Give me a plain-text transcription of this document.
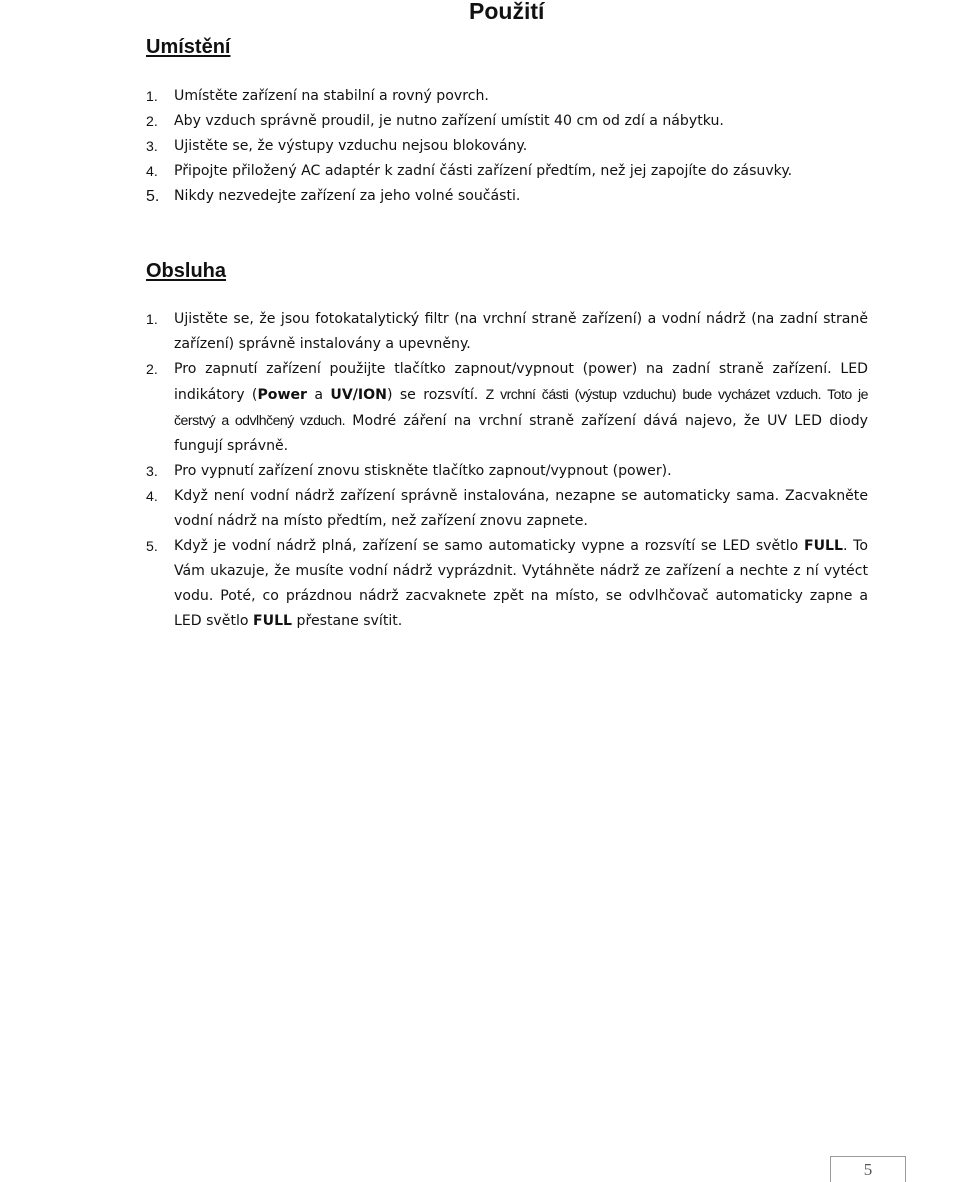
Použití
Umístění
1. Umístěte zařízení na stabilní a rovný povrch.
2. Aby vzduch správně proudil, je nutno zařízení umístit 40 cm od zdí a nábytku.
3. Ujistěte se, že výstupy vzduchu nejsou blokovány.
4. Připojte přiložený AC adaptér k zadní části zařízení předtím, než jej zapojíte do zásuvky.
5. Nikdy nezvedejte zařízení za jeho volné součásti.
Obsluha
1. Ujistěte se, že jsou fotokatalytický filtr (na vrchní straně zařízení) a vodní nádrž (na zadní straně zařízení) správně instalovány a upevněny.
2. Pro zapnutí zařízení použijte tlačítko zapnout/vypnout (power) na zadní straně zařízení. LED indikátory (Power a UV/ION) se rozsvítí. Z vrchní části (výstup vzduchu) bude vycházet vzduch. Toto je čerstvý a odvlhčený vzduch. Modré záření na vrchní straně zařízení dává najevo, že UV LED diody fungují správně.
3. Pro vypnutí zařízení znovu stiskněte tlačítko zapnout/vypnout (power).
4. Když není vodní nádrž zařízení správně instalována, nezapne se automaticky sama. Zacvakněte vodní nádrž na místo předtím, než zařízení znovu zapnete.
5. Když je vodní nádrž plná, zařízení se samo automaticky vypne a rozsvítí se LED světlo FULL. To Vám ukazuje, že musíte vodní nádrž vyprázdnit. Vytáhněte nádrž ze zařízení a nechte z ní vytéct vodu. Poté, co prázdnou nádrž zacvaknete zpět na místo, se odvlhčovač automaticky zapne a LED světlo FULL přestane svítit.
5
